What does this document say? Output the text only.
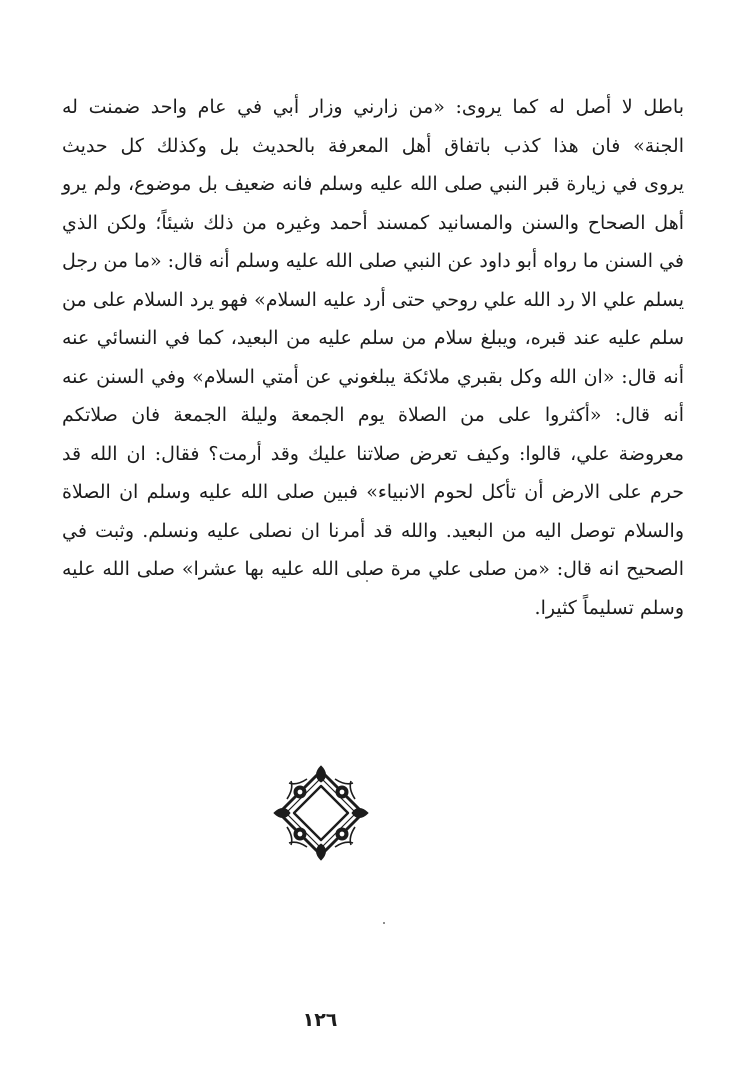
باطل لا أصل له كما يروى: «من زارني وزار أبي في عام واحد ضمنت له
الجنة» فان هذا كذب باتفاق أهل المعرفة بالحديث بل وكذلك كل حديث
يروى في زيارة قبر النبي صلى الله عليه وسلم فانه ضعيف بل موضوع، ولم يرو
أهل الصحاح والسنن والمسانيد كمسند أحمد وغيره من ذلك شيئاً؛ ولكن الذي
في السنن ما رواه أبو داود عن النبي صلى الله عليه وسلم أنه قال: «ما من رجل
يسلم علي الا رد الله علي روحي حتى أرد عليه السلام» فهو يرد السلام على من
سلم عليه عند قبره، ويبلغ سلام من سلم عليه من البعيد، كما في النسائي عنه
أنه قال: «ان الله وكل بقبري ملائكة يبلغوني عن أمتي السلام» وفي السنن عنه
أنه قال: «أكثروا على من الصلاة يوم الجمعة وليلة الجمعة فان صلاتكم
معروضة علي، قالوا: وكيف تعرض صلاتنا عليك وقد أرمت؟ فقال: ان الله قد
حرم على الارض أن تأكل لحوم الانبياء» فبين صلى الله عليه وسلم ان الصلاة
والسلام توصل اليه من البعيد. والله قد أمرنا ان نصلى عليه ونسلم. وثبت في
الصحيح انه قال: «من صلى علي مرة صلى الله عليه بها عشرا» صلى الله عليه
وسلم تسليماً كثيرا.
١٢٦
